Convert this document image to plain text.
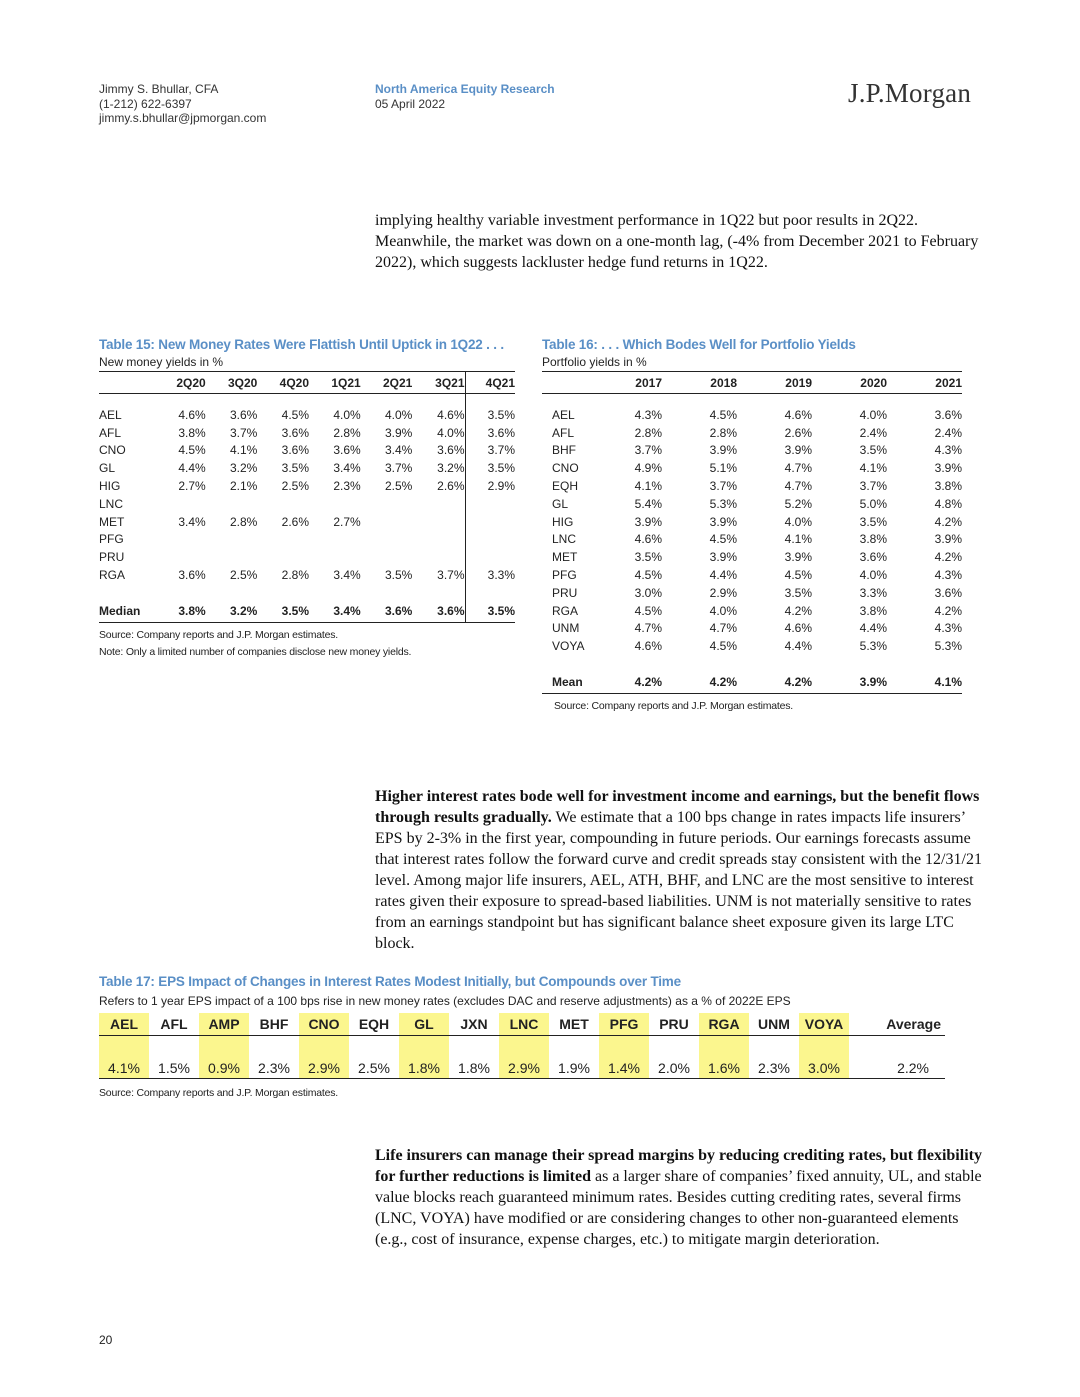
Jimmy S. Bhullar, CFA
(1-212) 622-6397
jimmy.s.bhullar@jpmorgan.com
North America Equity Research
05 April 2022	J.P.Morgan
implying healthy variable investment performance in 1Q22 but poor results in 2Q22. Meanwhile, the market was down on a one-month lag, (-4% from December 2021 to February 2022), which suggests lackluster hedge fund returns in 1Q22.
Table 15: New Money Rates Were Flattish Until Uptick in 1Q22 . . .
New money yields in %
	2Q20	3Q20	4Q20	1Q21	2Q21	3Q21	4Q21

AEL	4.6%	3.6%	4.5%	4.0%	4.0%	4.6%	3.5%
AFL	3.8%	3.7%	3.6%	2.8%	3.9%	4.0%	3.6%
CNO	4.5%	4.1%	3.6%	3.6%	3.4%	3.6%	3.7%
GL	4.4%	3.2%	3.5%	3.4%	3.7%	3.2%	3.5%
HIG	2.7%	2.1%	2.5%	2.3%	2.5%	2.6%	2.9%
LNC							
MET	3.4%	2.8%	2.6%	2.7%			
PFG							
PRU							
RGA	3.6%	2.5%	2.8%	3.4%	3.5%	3.7%	3.3%

Median	3.8%	3.2%	3.5%	3.4%	3.6%	3.6%	3.5%
Source: Company reports and J.P. Morgan estimates.
Note: Only a limited number of companies disclose new money yields.
Table 16: . . . Which Bodes Well for Portfolio Yields
Portfolio yields in %
	2017	2018	2019	2020	2021

AEL	4.3%	4.5%	4.6%	4.0%	3.6%
AFL	2.8%	2.8%	2.6%	2.4%	2.4%
BHF	3.7%	3.9%	3.9%	3.5%	4.3%
CNO	4.9%	5.1%	4.7%	4.1%	3.9%
EQH	4.1%	3.7%	4.7%	3.7%	3.8%
GL	5.4%	5.3%	5.2%	5.0%	4.8%
HIG	3.9%	3.9%	4.0%	3.5%	4.2%
LNC	4.6%	4.5%	4.1%	3.8%	3.9%
MET	3.5%	3.9%	3.9%	3.6%	4.2%
PFG	4.5%	4.4%	4.5%	4.0%	4.3%
PRU	3.0%	2.9%	3.5%	3.3%	3.6%
RGA	4.5%	4.0%	4.2%	3.8%	4.2%
UNM	4.7%	4.7%	4.6%	4.4%	4.3%
VOYA	4.6%	4.5%	4.4%	5.3%	5.3%

Mean	4.2%	4.2%	4.2%	3.9%	4.1%
Source: Company reports and J.P. Morgan estimates.
Higher interest rates bode well for investment income and earnings, but the benefit flows through results gradually. We estimate that a 100 bps change in rates impacts life insurers’ EPS by 2-3% in the first year, compounding in future periods. Our earnings forecasts assume that interest rates follow the forward curve and credit spreads stay consistent with the 12/31/21 level. Among major life insurers, AEL, ATH, BHF, and LNC are the most sensitive to interest rates given their exposure to spread-based liabilities. UNM is not materially sensitive to rates from an earnings standpoint but has significant balance sheet exposure given its large LTC block.
Table 17: EPS Impact of Changes in Interest Rates Modest Initially, but Compounds over Time
Refers to 1 year EPS impact of a 100 bps rise in new money rates (excludes DAC and reserve adjustments) as a % of 2022E EPS
AEL	AFL	AMP	BHF	CNO	EQH	GL	JXN	LNC	MET	PFG	PRU	RGA	UNM	VOYA	Average

4.1%	1.5%	0.9%	2.3%	2.9%	2.5%	1.8%	1.8%	2.9%	1.9%	1.4%	2.0%	1.6%	2.3%	3.0%	2.2%
Source: Company reports and J.P. Morgan estimates.
Life insurers can manage their spread margins by reducing crediting rates, but flexibility for further reductions is limited as a larger share of companies’ fixed annuity, UL, and stable value blocks reach guaranteed minimum rates. Besides cutting crediting rates, several firms (LNC, VOYA) have modified or are considering changes to other non-guaranteed elements (e.g., cost of insurance, expense charges, etc.) to mitigate margin deterioration.
20
